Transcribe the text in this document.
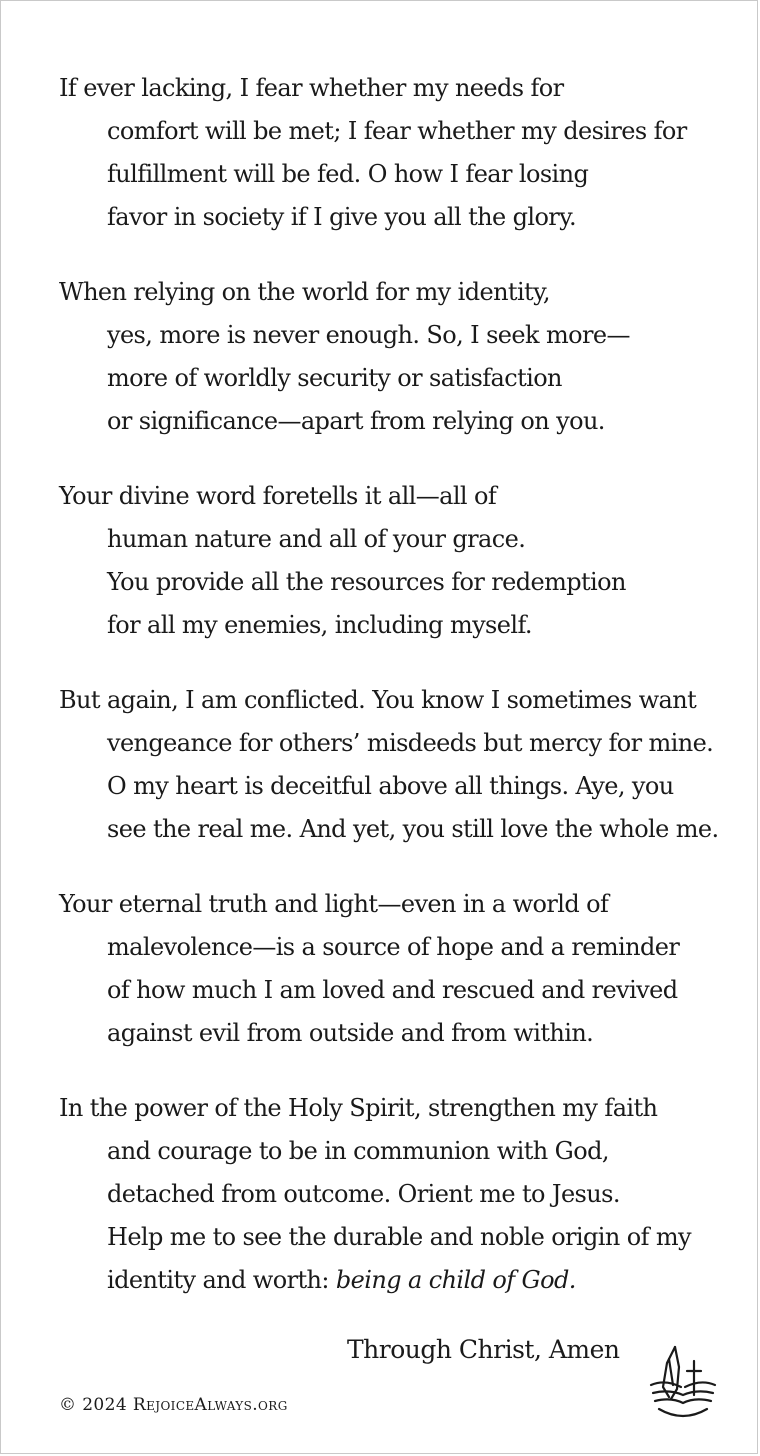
If ever lacking, I fear whether my needs for
comfort will be met; I fear whether my desires for
fulfillment will be fed. O how I fear losing
favor in society if I give you all the glory.
When relying on the world for my identity,
yes, more is never enough. So, I seek more—
more of worldly security or satisfaction
or significance—apart from relying on you.
Your divine word foretells it all—all of
human nature and all of your grace.
You provide all the resources for redemption
for all my enemies, including myself.
But again, I am conflicted. You know I sometimes want
vengeance for others’ misdeeds but mercy for mine.
O my heart is deceitful above all things. Aye, you
see the real me. And yet, you still love the whole me.
Your eternal truth and light—even in a world of
malevolence—is a source of hope and a reminder
of how much I am loved and rescued and revived
against evil from outside and from within.
In the power of the Holy Spirit, strengthen my faith
and courage to be in communion with God,
detached from outcome. Orient me to Jesus.
Help me to see the durable and noble origin of my
identity and worth: being a child of God.
Through Christ, Amen
© 2024 RejoiceAlways.org
